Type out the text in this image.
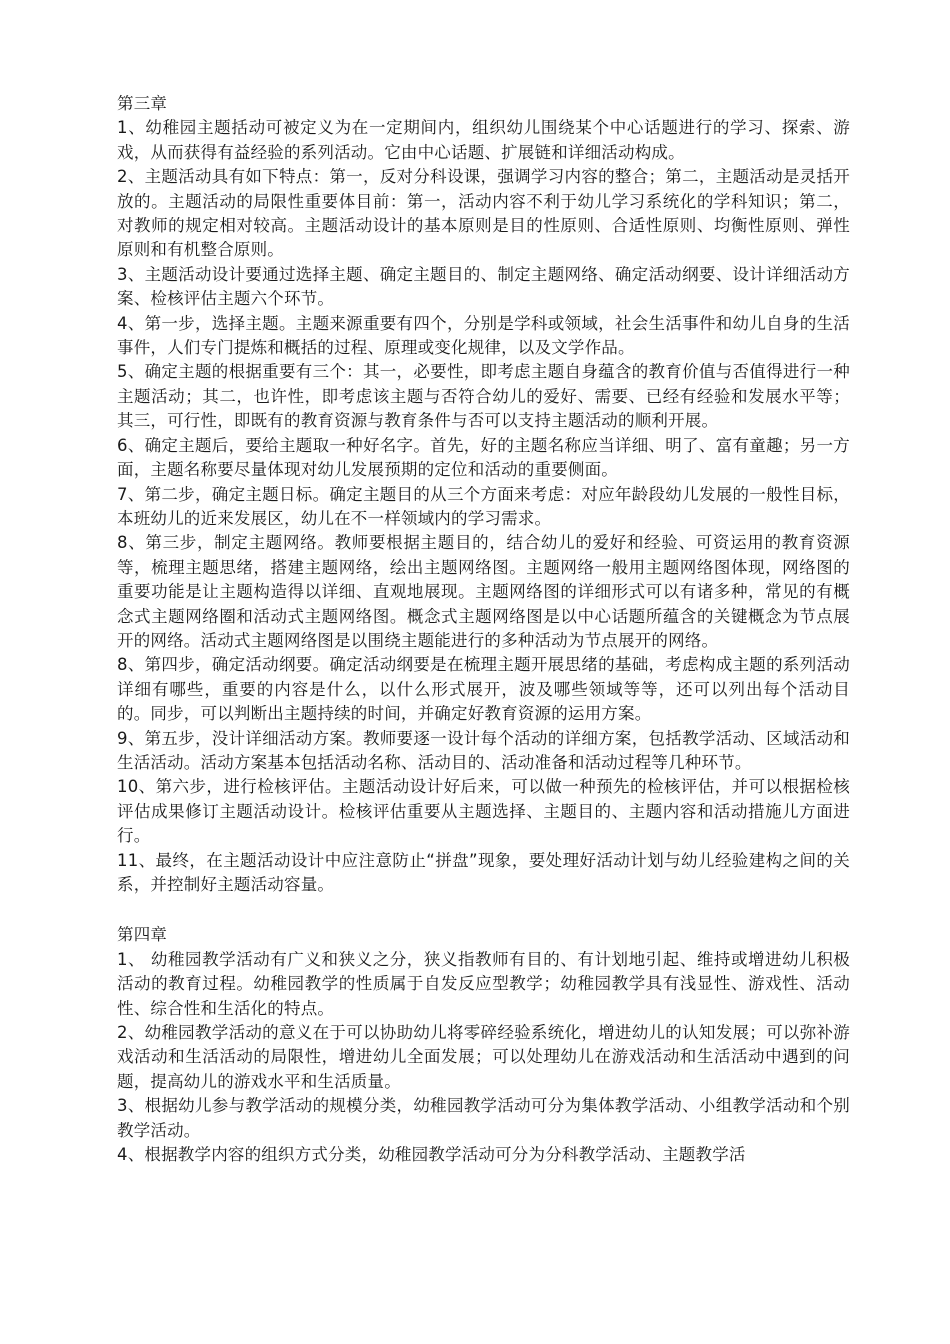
第三章

1、幼稚园主题括动可被定义为在一定期间内，组织幼儿围绕某个中心话题进行的学习、探索、游戏，从而获得有益经验的系列活动。它由中心话题、扩展链和详细活动构成。

2、主题活动具有如下特点：第一，反对分科设课，强调学习内容的整合；第二，主题活动是灵括开放的。主题活动的局限性重要体目前：第一，活动内容不利于幼儿学习系统化的学科知识；第二，对教师的规定相对较高。主题活动设计的基本原则是目的性原则、合适性原则、均衡性原则、弹性原则和有机整合原则。

3、主题活动设计要通过选择主题、确定主题目的、制定主题网络、确定活动纲要、设计详细活动方案、检核评估主题六个环节。

4、第一步，选择主题。主题来源重要有四个，分别是学科或领域，社会生活事件和幼儿自身的生活事件，人们专门提炼和概括的过程、原理或变化规律，以及文学作品。

5、确定主题的根据重要有三个：其一，必要性，即考虑主题自身蕴含的教育价值与否值得进行一种主题活动；其二，也许性，即考虑该主题与否符合幼儿的爱好、需要、已经有经验和发展水平等；其三，可行性，即既有的教育资源与教育条件与否可以支持主题活动的顺利开展。

6、确定主题后，要给主题取一种好名字。首先，好的主题名称应当详细、明了、富有童趣；另一方面，主题名称要尽量体现对幼儿发展预期的定位和活动的重要侧面。

7、第二步，确定主题日标。确定主题目的从三个方面来考虑：对应年龄段幼儿发展的一般性目标，本班幼儿的近来发展区，幼儿在不一样领域内的学习需求。

8、第三步，制定主题网络。教师要根据主题目的，结合幼儿的爱好和经验、可资运用的教育资源等，梳理主题思绪，搭建主题网络，绘出主题网络图。主题网络一般用主题网络图体现，网络图的重要功能是让主题构造得以详细、直观地展现。主题网络图的详细形式可以有诸多种，常见的有概念式主题网络圈和活动式主题网络图。概念式主题网络图是以中心话题所蕴含的关键概念为节点展开的网络。活动式主题网络图是以围绕主题能进行的多种活动为节点展开的网络。

8、第四步，确定活动纲要。确定活动纲要是在梳理主题开展思绪的基础，考虑构成主题的系列活动详细有哪些，重要的内容是什么，以什么形式展开，波及哪些领域等等，还可以列出每个活动目的。同步，可以判断出主题持续的时间，并确定好教育资源的运用方案。

9、第五步，没计详细活动方案。教师要逐一设计每个活动的详细方案，包括教学活动、区域活动和生活活动。活动方案基本包括活动名称、活动目的、活动准备和活动过程等几种环节。

10、第六步，进行检核评估。主题活动设计好后来，可以做一种预先的检核评估，并可以根据检核评估成果修订主题活动设计。检核评估重要从主题选择、主题目的、主题内容和活动措施儿方面进行。

11、最终，在主题活动设计中应注意防止“拼盘”现象，要处理好活动计划与幼儿经验建构之间的关系，并控制好主题活动容量。

第四章

1、 幼稚园教学活动有广义和狭义之分，狭义指教师有目的、有计划地引起、维持或增进幼儿积极活动的教育过程。幼稚园教学的性质属于自发反应型教学；幼稚园教学具有浅显性、游戏性、活动性、综合性和生活化的特点。

2、幼稚园教学活动的意义在于可以协助幼儿将零碎经验系统化，增进幼儿的认知发展；可以弥补游戏活动和生活活动的局限性，增进幼儿全面发展；可以处理幼儿在游戏活动和生活活动中遇到的问题，提高幼儿的游戏水平和生活质量。

3、根据幼儿参与教学活动的规模分类，幼稚园教学活动可分为集体教学活动、小组教学活动和个别教学活动。

4、根据教学内容的组织方式分类，幼稚园教学活动可分为分科教学活动、主题教学活
